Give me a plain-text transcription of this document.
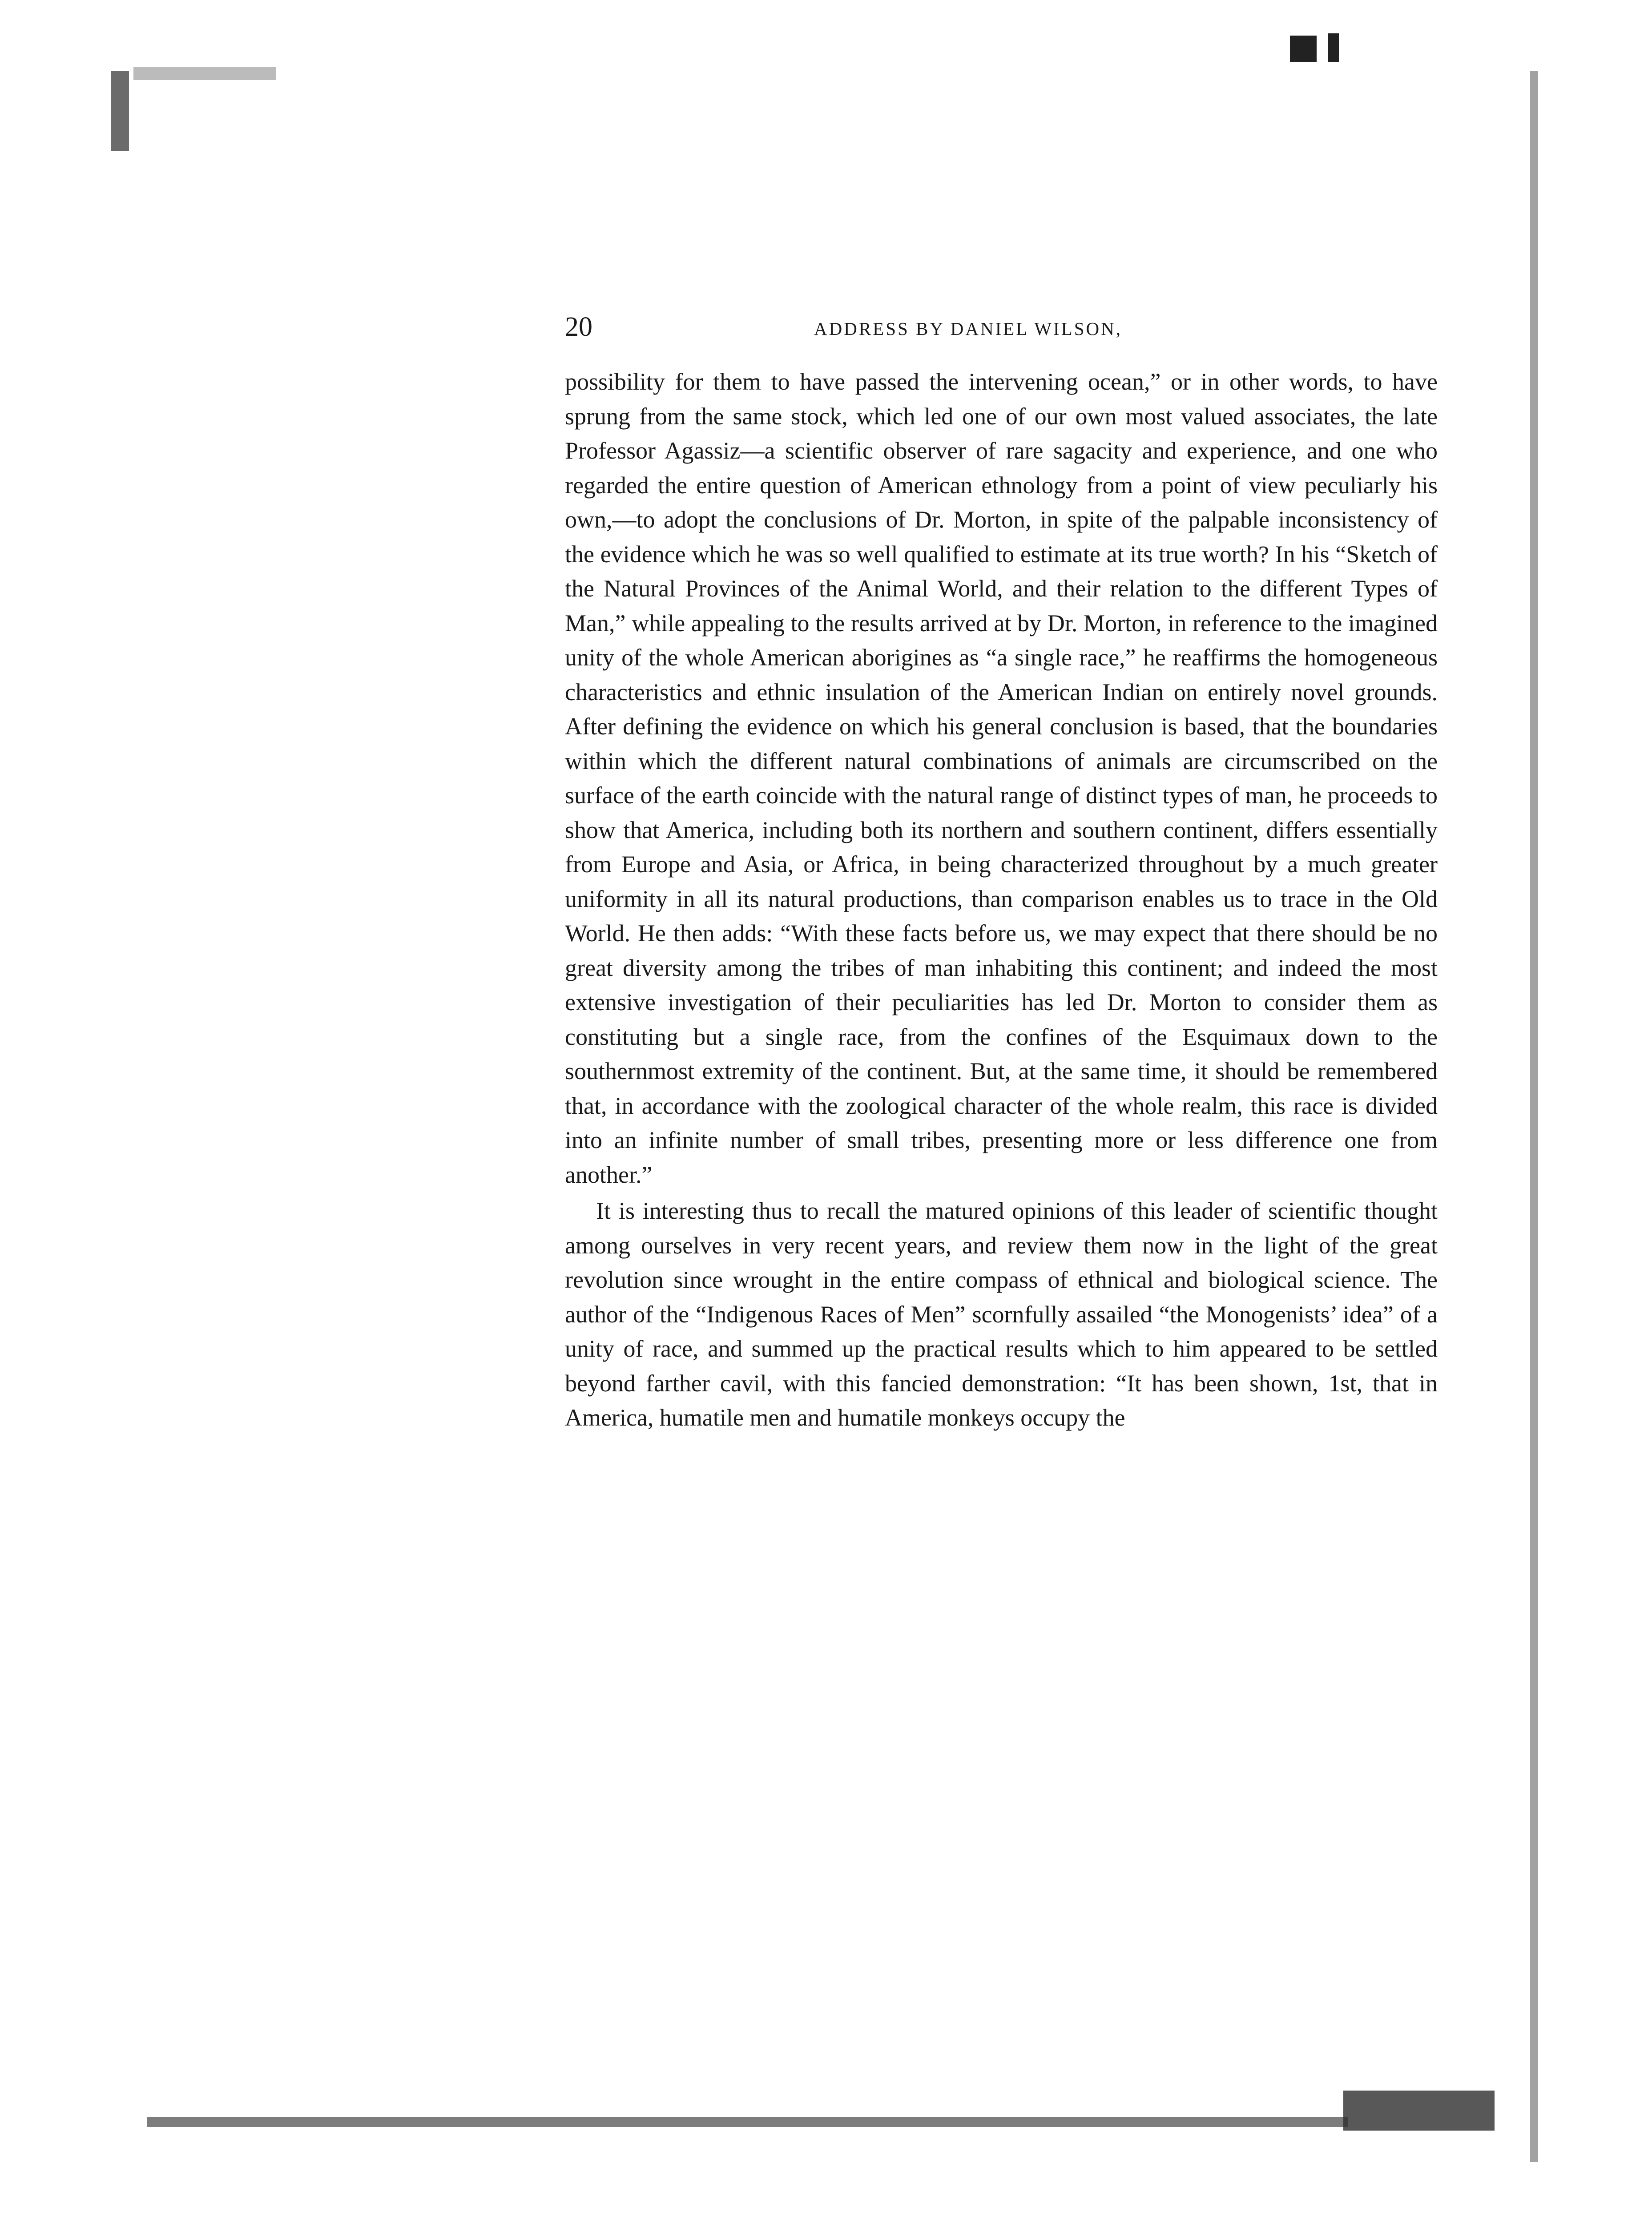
20	ADDRESS BY DANIEL WILSON,

possibility for them to have passed the intervening ocean,” or in other words, to have sprung from the same stock, which led one of our own most valued associates, the late Professor Agassiz—a scientific observer of rare sagacity and experience, and one who regarded the entire question of American ethnology from a point of view peculiarly his own,—to adopt the conclusions of Dr. Morton, in spite of the palpable inconsistency of the evidence which he was so well qualified to estimate at its true worth? In his “Sketch of the Natural Provinces of the Animal World, and their relation to the different Types of Man,” while appealing to the results arrived at by Dr. Morton, in reference to the imagined unity of the whole American aborigines as “a single race,” he reaffirms the homogeneous characteristics and ethnic insulation of the American Indian on entirely novel grounds. After defining the evidence on which his general conclusion is based, that the boundaries within which the different natural combinations of animals are circumscribed on the surface of the earth coincide with the natural range of distinct types of man, he proceeds to show that America, including both its northern and southern continent, differs essentially from Europe and Asia, or Africa, in being characterized throughout by a much greater uniformity in all its natural productions, than comparison enables us to trace in the Old World. He then adds: “With these facts before us, we may expect that there should be no great diversity among the tribes of man inhabiting this continent; and indeed the most extensive investigation of their peculiarities has led Dr. Morton to consider them as constituting but a single race, from the confines of the Esquimaux down to the southernmost extremity of the continent. But, at the same time, it should be remembered that, in accordance with the zoological character of the whole realm, this race is divided into an infinite number of small tribes, presenting more or less difference one from another.”

It is interesting thus to recall the matured opinions of this leader of scientific thought among ourselves in very recent years, and review them now in the light of the great revolution since wrought in the entire compass of ethnical and biological science. The author of the “Indigenous Races of Men” scornfully assailed “the Monogenists’ idea” of a unity of race, and summed up the practical results which to him appeared to be settled beyond farther cavil, with this fancied demonstration: “It has been shown, 1st, that in America, humatile men and humatile monkeys occupy the
